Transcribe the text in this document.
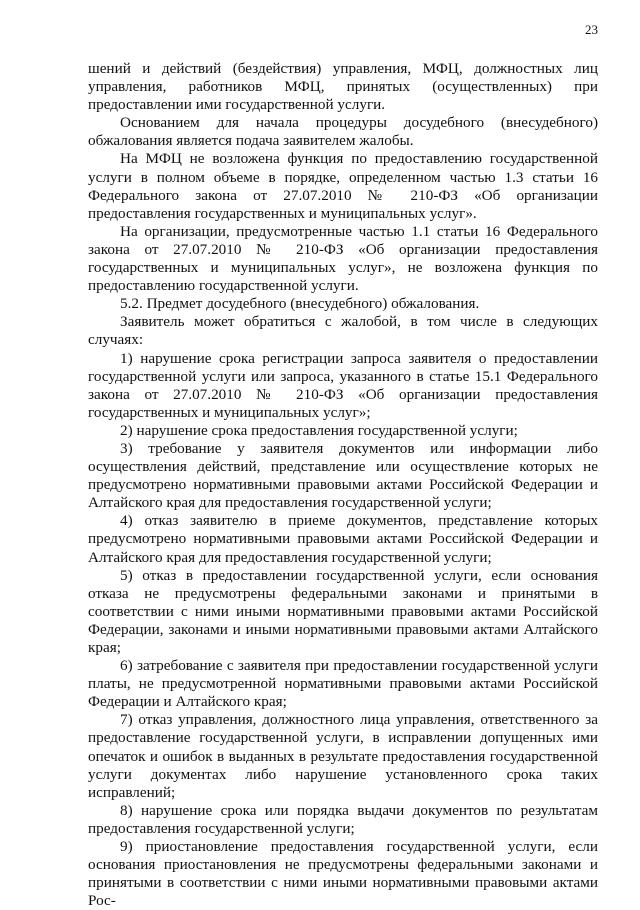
23

шений и действий (бездействия) управления, МФЦ, должностных лиц управления, работников МФЦ, принятых (осуществленных) при предоставлении ими государственной услуги.

Основанием для начала процедуры досудебного (внесудебного) обжалования является подача заявителем жалобы.

На МФЦ не возложена функция по предоставлению государственной услуги в полном объеме в порядке, определенном частью 1.3 статьи 16 Федерального закона от 27.07.2010 № 210-ФЗ «Об организации предоставления государственных и муниципальных услуг».

На организации, предусмотренные частью 1.1 статьи 16 Федерального закона от 27.07.2010 № 210-ФЗ «Об организации предоставления государственных и муниципальных услуг», не возложена функция по предоставлению государственной услуги.

5.2. Предмет досудебного (внесудебного) обжалования.

Заявитель может обратиться с жалобой, в том числе в следующих случаях:

1) нарушение срока регистрации запроса заявителя о предоставлении государственной услуги или запроса, указанного в статье 15.1 Федерального закона от 27.07.2010 № 210-ФЗ «Об организации предоставления государственных и муниципальных услуг»;

2) нарушение срока предоставления государственной услуги;

3) требование у заявителя документов или информации либо осуществления действий, представление или осуществление которых не предусмотрено нормативными правовыми актами Российской Федерации и Алтайского края для предоставления государственной услуги;

4) отказ заявителю в приеме документов, представление которых предусмотрено нормативными правовыми актами Российской Федерации и Алтайского края для предоставления государственной услуги;

5) отказ в предоставлении государственной услуги, если основания отказа не предусмотрены федеральными законами и принятыми в соответствии с ними иными нормативными правовыми актами Российской Федерации, законами и иными нормативными правовыми актами Алтайского края;

6) затребование с заявителя при предоставлении государственной услуги платы, не предусмотренной нормативными правовыми актами Российской Федерации и Алтайского края;

7) отказ управления, должностного лица управления, ответственного за предоставление государственной услуги, в исправлении допущенных ими опечаток и ошибок в выданных в результате предоставления государственной услуги документах либо нарушение установленного срока таких исправлений;

8) нарушение срока или порядка выдачи документов по результатам предоставления государственной услуги;

9) приостановление предоставления государственной услуги, если основания приостановления не предусмотрены федеральными законами и принятыми в соответствии с ними иными нормативными правовыми актами Рос-
